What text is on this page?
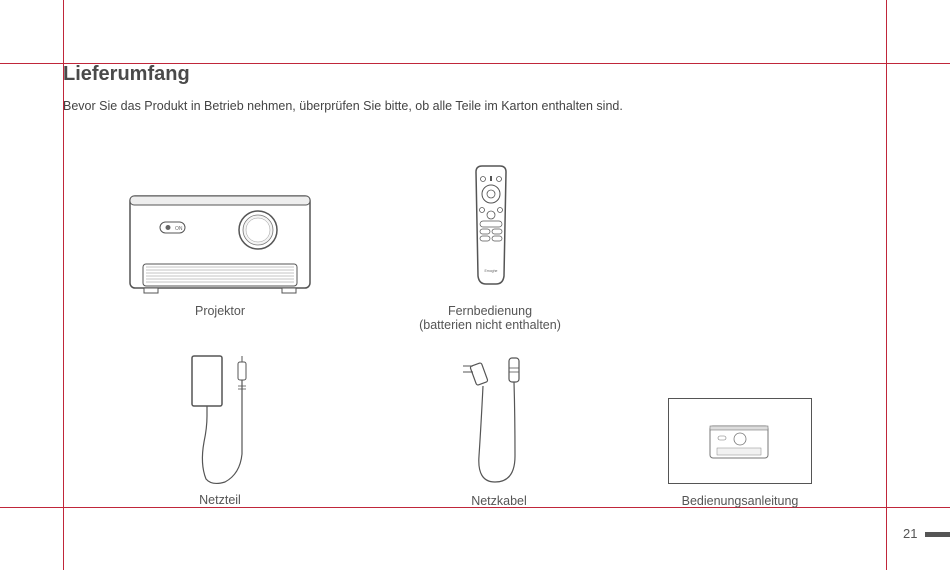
Lieferumfang

Bevor Sie das Produkt in Betrieb nehmen, überprüfen Sie bitte, ob alle Teile im Karton enthalten sind.

ON
Projektor
Emoghe
Fernbedienung
(batterien nicht enthalten)
Netzteil	Netzkabel	Bedienungsanleitung
21
